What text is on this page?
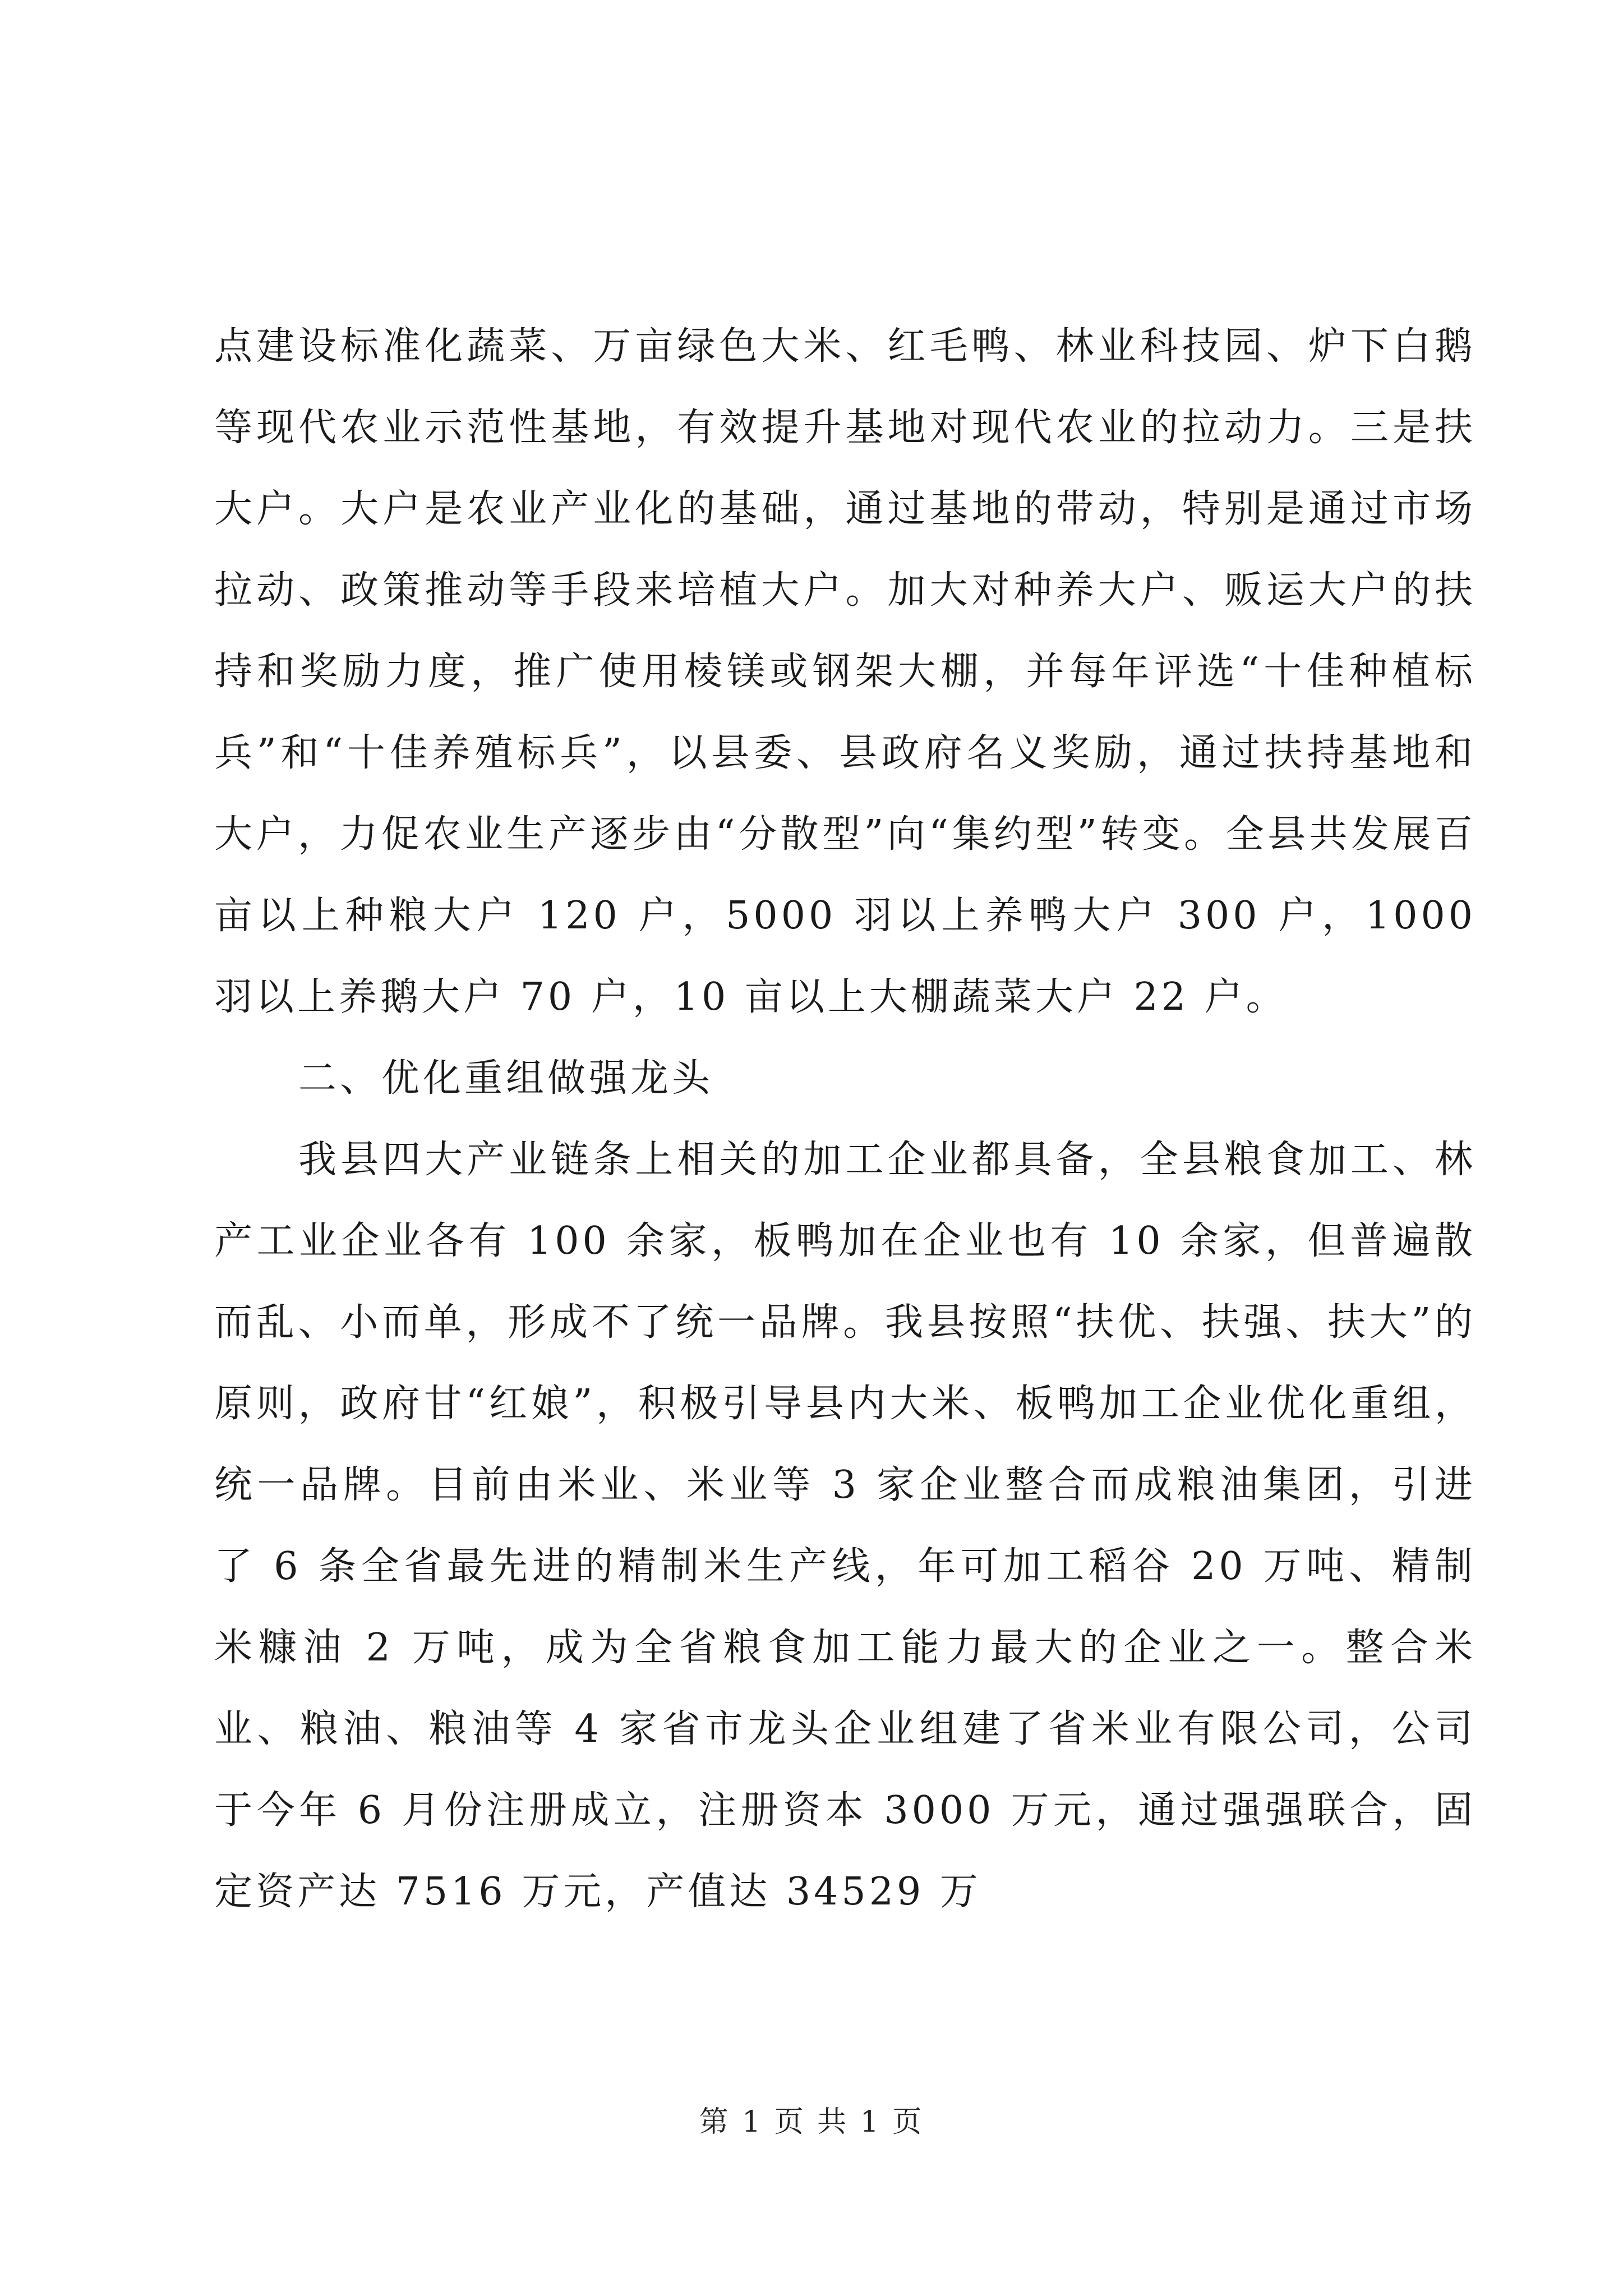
点建设标准化蔬菜、万亩绿色大米、红毛鸭、林业科技园、炉下白鹅等现代农业示范性基地，有效提升基地对现代农业的拉动力。三是扶大户。大户是农业产业化的基础，通过基地的带动，特别是通过市场拉动、政策推动等手段来培植大户。加大对种养大户、贩运大户的扶持和奖励力度，推广使用棱镁或钢架大棚，并每年评选“十佳种植标兵”和“十佳养殖标兵”，以县委、县政府名义奖励，通过扶持基地和大户，力促农业生产逐步由“分散型”向“集约型”转变。全县共发展百亩以上种粮大户 120 户，5000 羽以上养鸭大户 300 户，1000 羽以上养鹅大户 70 户，10 亩以上大棚蔬菜大户 22 户。

二、优化重组做强龙头

我县四大产业链条上相关的加工企业都具备，全县粮食加工、林产工业企业各有 100 余家，板鸭加在企业也有 10 余家，但普遍散而乱、小而单，形成不了统一品牌。我县按照“扶优、扶强、扶大”的原则，政府甘“红娘”，积极引导县内大米、板鸭加工企业优化重组，统一品牌。目前由米业、米业等 3 家企业整合而成粮油集团，引进了 6 条全省最先进的精制米生产线，年可加工稻谷 20 万吨、精制米糠油 2 万吨，成为全省粮食加工能力最大的企业之一。整合米业、粮油、粮油等 4 家省市龙头企业组建了省米业有限公司，公司于今年 6 月份注册成立，注册资本 3000 万元，通过强强联合，固定资产达 7516 万元，产值达 34529 万

第 1 页 共 1 页
